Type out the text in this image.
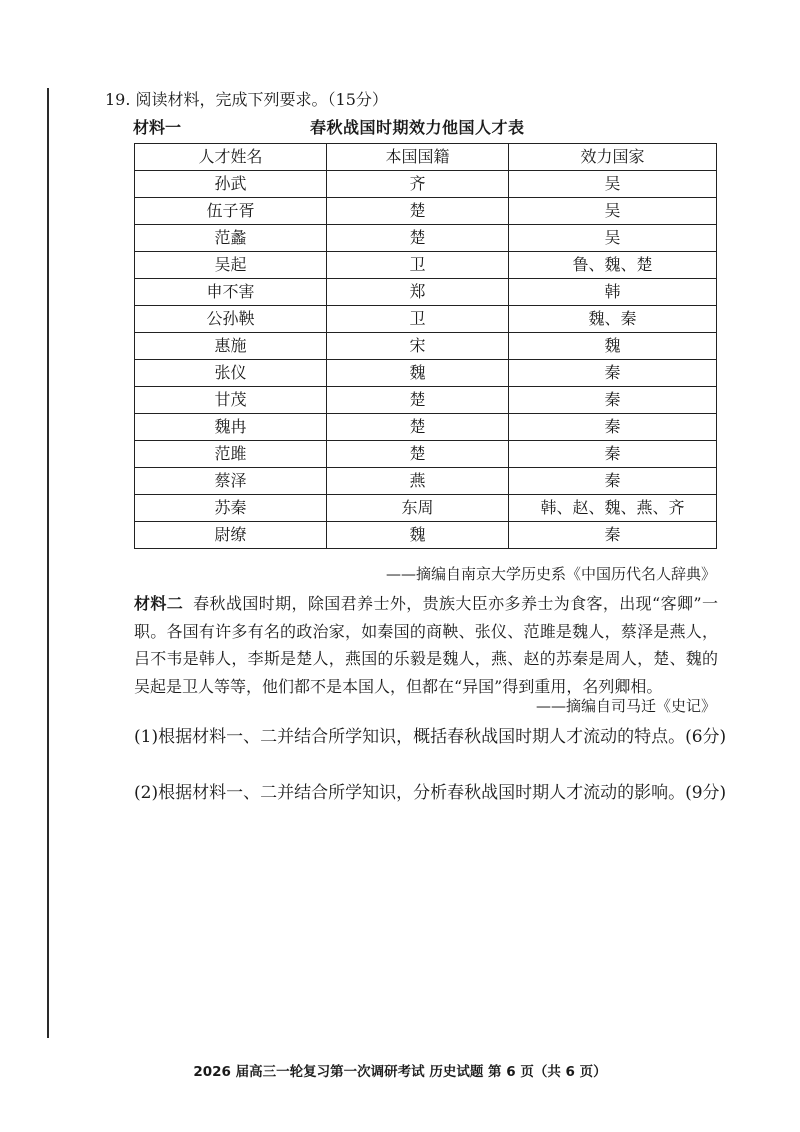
19. 阅读材料，完成下列要求。（15分）
材料一	春秋战国时期效力他国人才表
人才姓名	本国国籍	效力国家
孙武	齐	吴
伍子胥	楚	吴
范蠡	楚	吴
吴起	卫	鲁、魏、楚
申不害	郑	韩
公孙鞅	卫	魏、秦
惠施	宋	魏
张仪	魏	秦
甘茂	楚	秦
魏冉	楚	秦
范雎	楚	秦
蔡泽	燕	秦
苏秦	东周	韩、赵、魏、燕、齐
尉缭	魏	秦
——摘编自南京大学历史系《中国历代名人辞典》
材料二 春秋战国时期，除国君养士外，贵族大臣亦多养士为食客，出现“客卿”一职。各国有许多有名的政治家，如秦国的商鞅、张仪、范雎是魏人，蔡泽是燕人，吕不韦是韩人，李斯是楚人，燕国的乐毅是魏人，燕、赵的苏秦是周人，楚、魏的吴起是卫人等等，他们都不是本国人，但都在“异国”得到重用，名列卿相。
——摘编自司马迁《史记》
(1)根据材料一、二并结合所学知识，概括春秋战国时期人才流动的特点。(6分)
(2)根据材料一、二并结合所学知识，分析春秋战国时期人才流动的影响。(9分)
2026 届高三一轮复习第一次调研考试 历史试题 第 6 页（共 6 页）
